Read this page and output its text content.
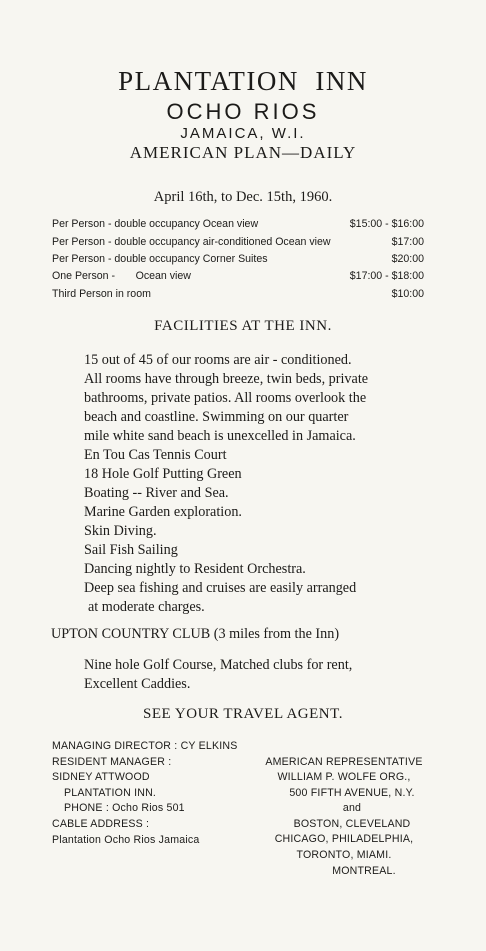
PLANTATION  INN
OCHO RIOS
JAMAICA, W.I.
AMERICAN PLAN—DAILY
April 16th, to Dec. 15th, 1960.
Per Person - double occupancy Ocean view	$15:00 - $16:00
Per Person - double occupancy air-conditioned Ocean view	$17:00
Per Person - double occupancy Corner Suites	$20:00
One Person -       Ocean view	$17:00 - $18:00
Third Person in room	$10:00
FACILITIES AT THE INN.
15 out of 45 of our rooms are air - conditioned.
All rooms have through breeze, twin beds, private
bathrooms, private patios. All rooms overlook the
beach and coastline. Swimming on our quarter
mile white sand beach is unexcelled in Jamaica.
En Tou Cas Tennis Court
18 Hole Golf Putting Green
Boating -- River and Sea.
Marine Garden exploration.
Skin Diving.
Sail Fish Sailing
Dancing nightly to Resident Orchestra.
Deep sea fishing and cruises are easily arranged
at moderate charges.
UPTON COUNTRY CLUB (3 miles from the Inn)
Nine hole Golf Course, Matched clubs for rent,
Excellent Caddies.
SEE YOUR TRAVEL AGENT.
MANAGING DIRECTOR : CY ELKINS
RESIDENT MANAGER :
SIDNEY ATTWOOD
PLANTATION INN.
PHONE : Ocho Rios 501
CABLE ADDRESS :
Plantation Ocho Rios Jamaica
AMERICAN REPRESENTATIVE
WILLIAM P. WOLFE ORG.,
500 FIFTH AVENUE, N.Y.
and
BOSTON, CLEVELAND
CHICAGO, PHILADELPHIA,
TORONTO, MIAMI.
MONTREAL.
